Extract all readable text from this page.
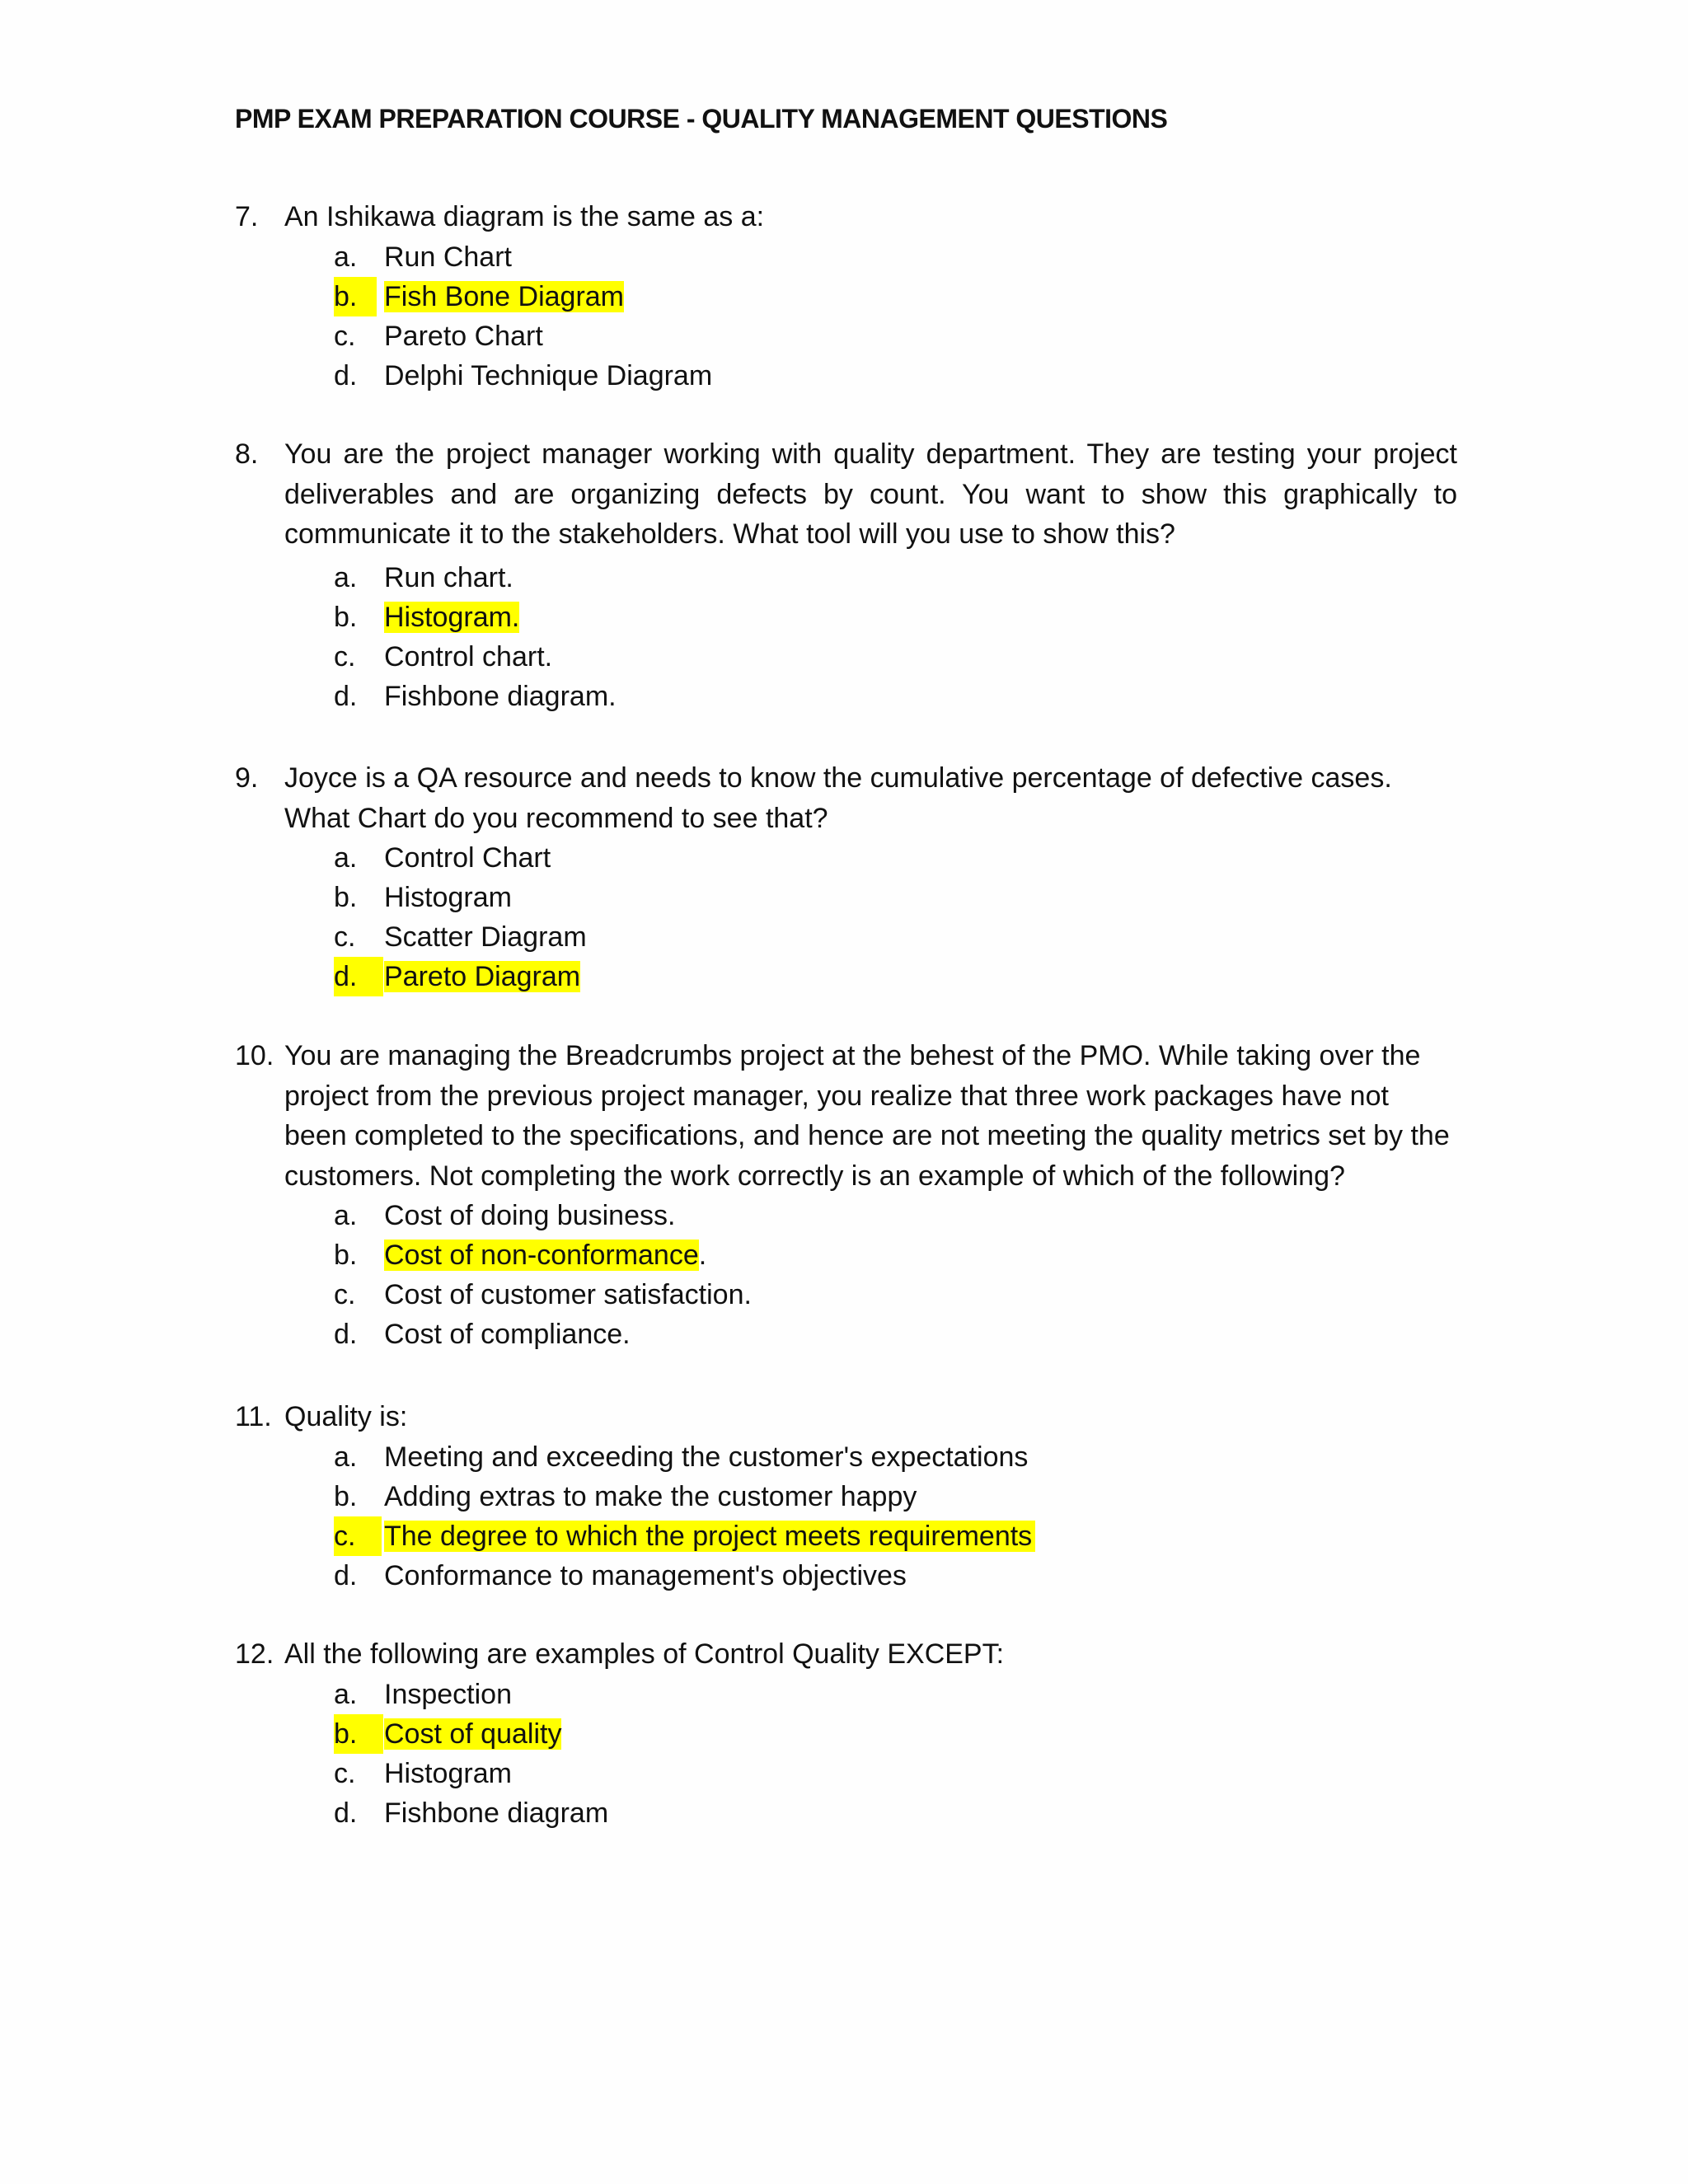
PMP EXAM PREPARATION COURSE - QUALITY MANAGEMENT QUESTIONS
7. An Ishikawa diagram is the same as a:
a. Run Chart
b. Fish Bone Diagram
c. Pareto Chart
d. Delphi Technique Diagram
8. You are the project manager working with quality department. They are testing your project deliverables and are organizing defects by count. You want to show this graphically to communicate it to the stakeholders. What tool will you use to show this?
a. Run chart.
b. Histogram.
c. Control chart.
d. Fishbone diagram.
9. Joyce is a QA resource and needs to know the cumulative percentage of defective cases. What Chart do you recommend to see that?
a. Control Chart
b. Histogram
c. Scatter Diagram
d. Pareto Diagram
10. You are managing the Breadcrumbs project at the behest of the PMO. While taking over the project from the previous project manager, you realize that three work packages have not been completed to the specifications, and hence are not meeting the quality metrics set by the customers. Not completing the work correctly is an example of which of the following?
a. Cost of doing business.
b. Cost of non-conformance.
c. Cost of customer satisfaction.
d. Cost of compliance.
11. Quality is:
a. Meeting and exceeding the customer's expectations
b. Adding extras to make the customer happy
c.	The degree to which the project meets requirements
d. Conformance to management's objectives
12. All the following are examples of Control Quality EXCEPT:
a. Inspection
b. Cost of quality
c. Histogram
d. Fishbone diagram
